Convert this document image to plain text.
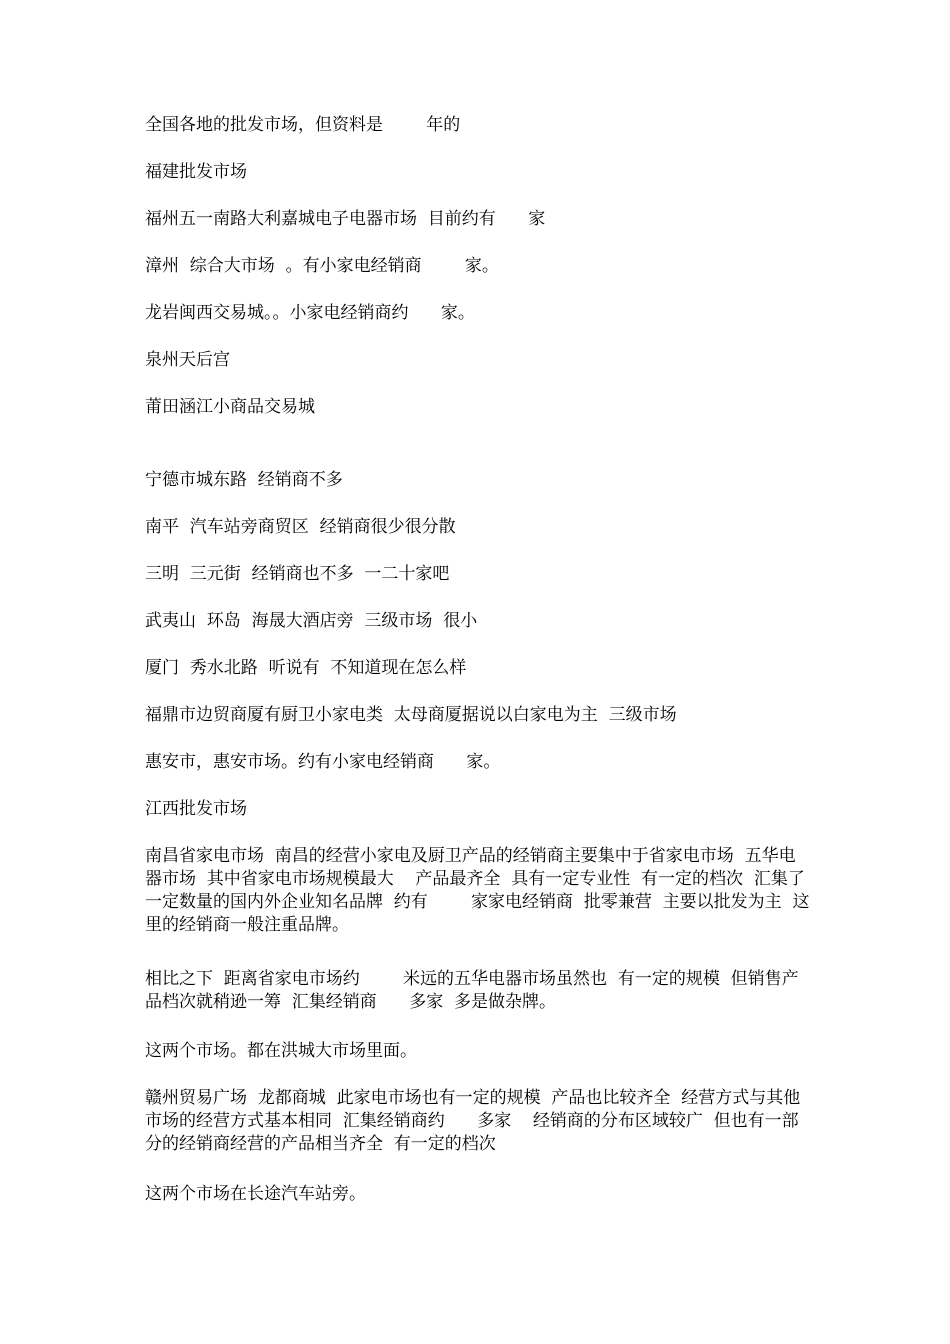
全国各地的批发市场，但资料是        年的

福建批发市场

福州五一南路大利嘉城电子电器市场  目前约有      家

漳州  综合大市场  。有小家电经销商        家。

龙岩闽西交易城。。小家电经销商约      家。

泉州天后宫

莆田涵江小商品交易城

宁德市城东路  经销商不多

南平  汽车站旁商贸区  经销商很少很分散

三明  三元街  经销商也不多  一二十家吧

武夷山  环岛  海晟大酒店旁  三级市场  很小

厦门  秀水北路  听说有  不知道现在怎么样

福鼎市边贸商厦有厨卫小家电类  太母商厦据说以白家电为主  三级市场

惠安市，惠安市场。约有小家电经销商      家。

江西批发市场

南昌省家电市场  南昌的经营小家电及厨卫产品的经销商主要集中于省家电市场  五华电器市场  其中省家电市场规模最大    产品最齐全  具有一定专业性  有一定的档次  汇集了一定数量的国内外企业知名品牌  约有        家家电经销商  批零兼营  主要以批发为主  这里的经销商一般注重品牌。

相比之下  距离省家电市场约        米远的五华电器市场虽然也  有一定的规模  但销售产品档次就稍逊一筹  汇集经销商      多家  多是做杂牌。

这两个市场。都在洪城大市场里面。

赣州贸易广场  龙都商城  此家电市场也有一定的规模  产品也比较齐全  经营方式与其他市场的经营方式基本相同  汇集经销商约      多家    经销商的分布区域较广  但也有一部分的经销商经营的产品相当齐全  有一定的档次

这两个市场在长途汽车站旁。
